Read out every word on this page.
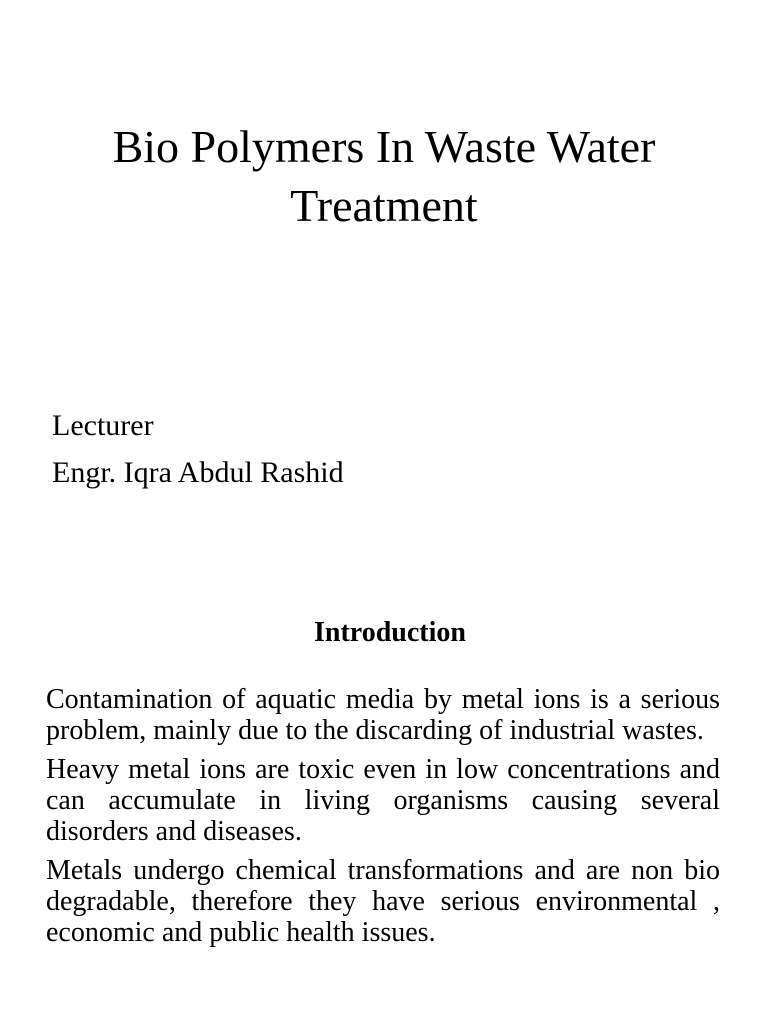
Bio Polymers In Waste Water
Treatment
Lecturer
Engr. Iqra Abdul Rashid
Introduction

Contamination of aquatic media by metal ions is a serious problem, mainly due to the discarding of industrial wastes.

Heavy metal ions are toxic even in low concentrations and can accumulate in living organisms causing several disorders and diseases.

Metals undergo chemical transformations and are non bio degradable, therefore they have serious environmental , economic and public health issues.
